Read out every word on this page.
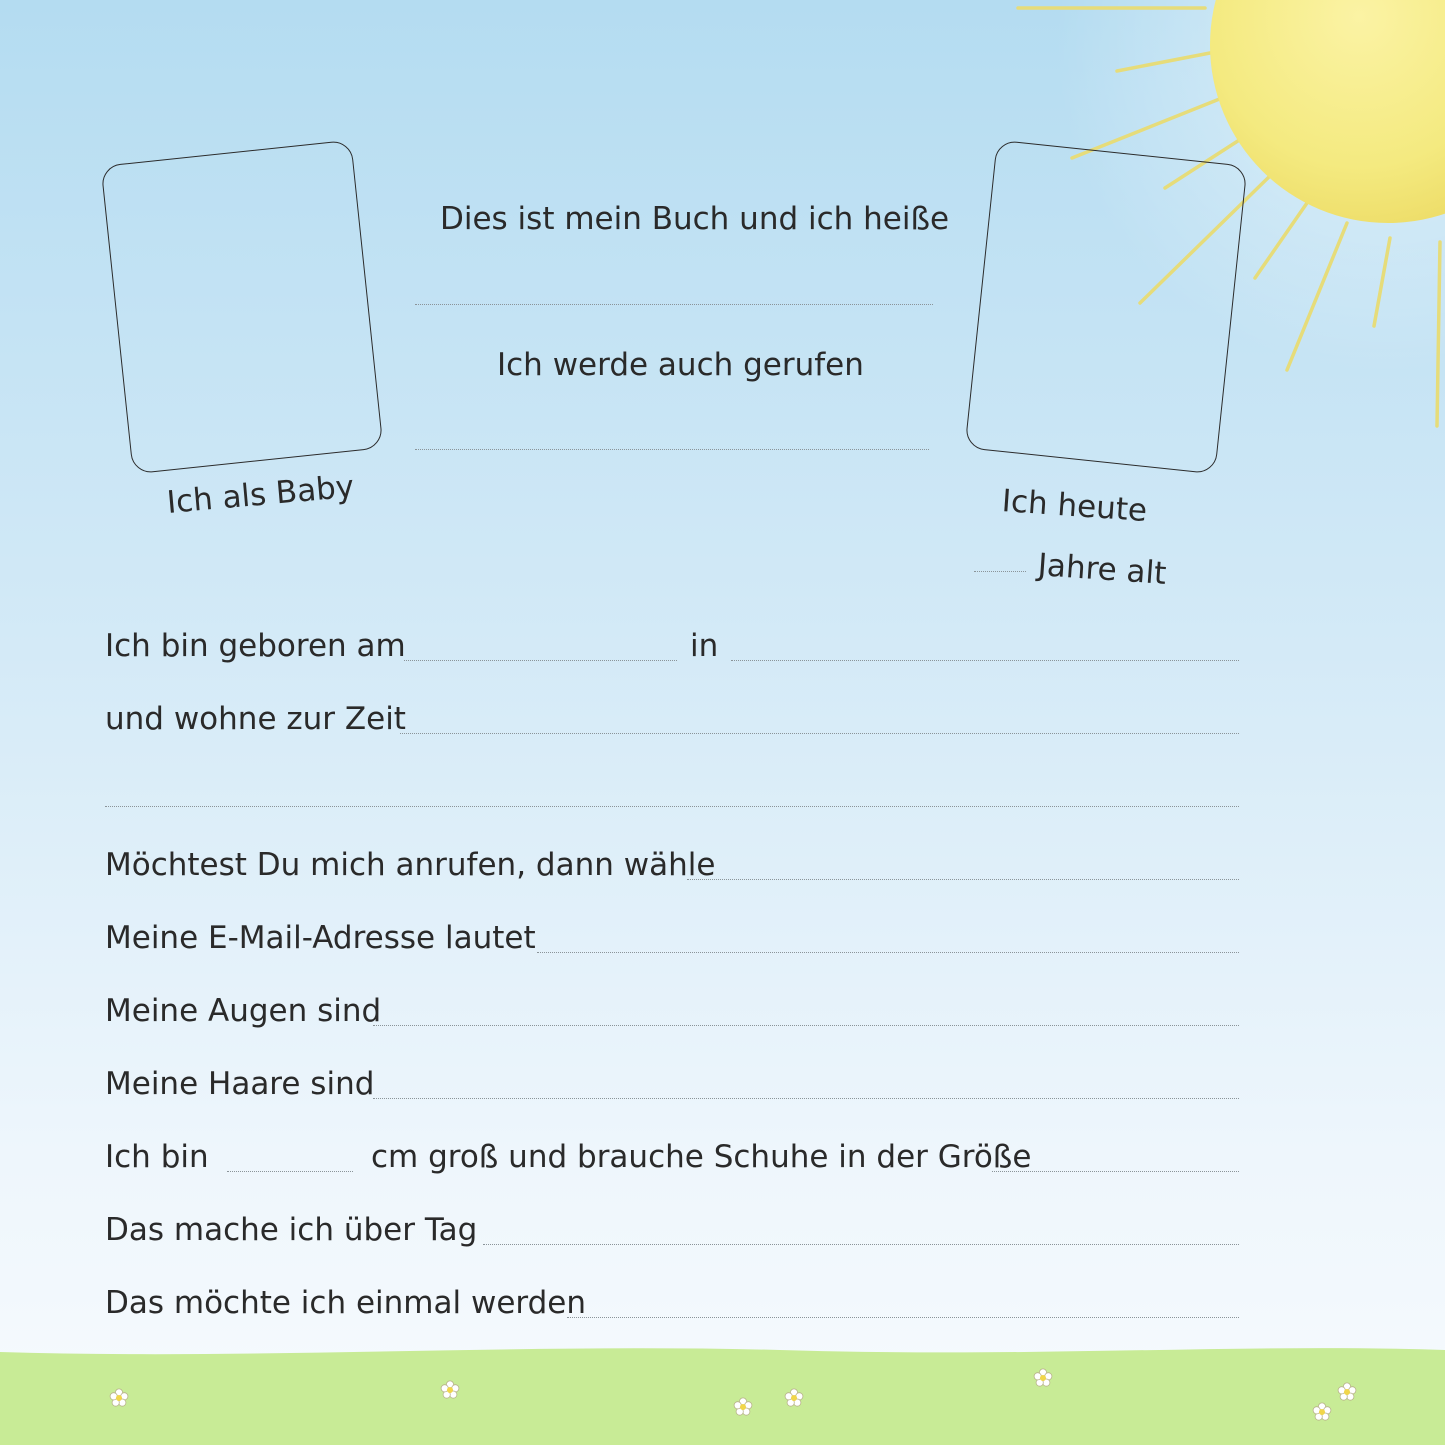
Dies ist mein Buch und ich heiße
Ich werde auch gerufen
Ich als Baby	Ich heute
Jahre alt
Ich bin geboren am	in
und wohne zur Zeit
Möchtest Du mich anrufen, dann wähle
Meine E-Mail-Adresse lautet
Meine Augen sind
Meine Haare sind
Ich bin	cm groß und brauche Schuhe in der Größe
Das mache ich über Tag
Das möchte ich einmal werden
